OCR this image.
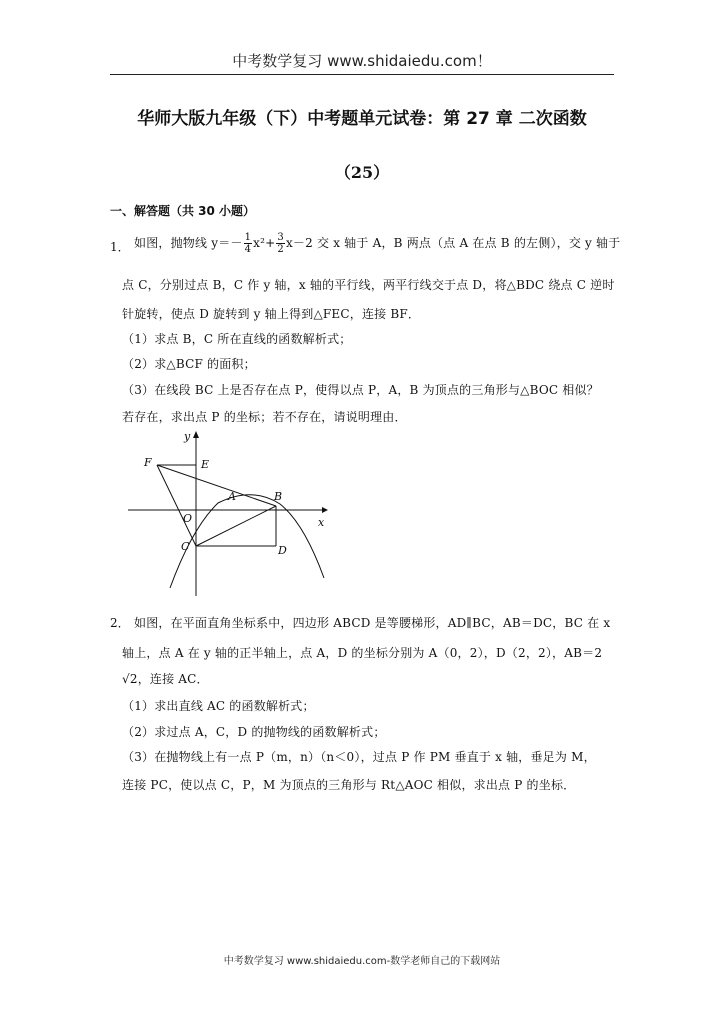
中考数学复习 www.shidaiedu.com！
华师大版九年级（下）中考题单元试卷：第 27 章 二次函数
（25）
一、解答题（共 30 小题）
1． 如图，抛物线 $y=- \frac{1}{4} x^2+ \frac{3}{2} x-2$ 交 x 轴于 A，B 两点（点 A 在点 B 的左侧），交 y 轴于
点 C，分别过点 B，C 作 y 轴，x 轴的平行线，两平行线交于点 D，将△BDC 绕点 C 逆时
针旋转，使点 D 旋转到 y 轴上得到△FEC，连接 BF．
（1）求点 B，C 所在直线的函数解析式；
（2）求△BCF 的面积；
（3）在线段 BC 上是否存在点 P，使得以点 P，A，B 为顶点的三角形与△BOC 相似？
若存在，求出点 P 的坐标；若不存在，请说明理由．
y
x
F	E
A	B
O
C	D
2． 如图，在平面直角坐标系中，四边形 ABCD 是等腰梯形，AD∥BC，AB＝DC，BC 在 x
轴上，点 A 在 y 轴的正半轴上，点 A，D 的坐标分别为 A（0，2），D（2，2），AB＝2
√2，连接 AC．
（1）求出直线 AC 的函数解析式；
（2）求过点 A，C，D 的抛物线的函数解析式；
（3）在抛物线上有一点 P（m，n）（n＜0），过点 P 作 PM 垂直于 x 轴，垂足为 M，
连接 PC，使以点 C，P，M 为顶点的三角形与 Rt△AOC 相似，求出点 P 的坐标．
中考数学复习 www.shidaiedu.com-数学老师自己的下载网站
